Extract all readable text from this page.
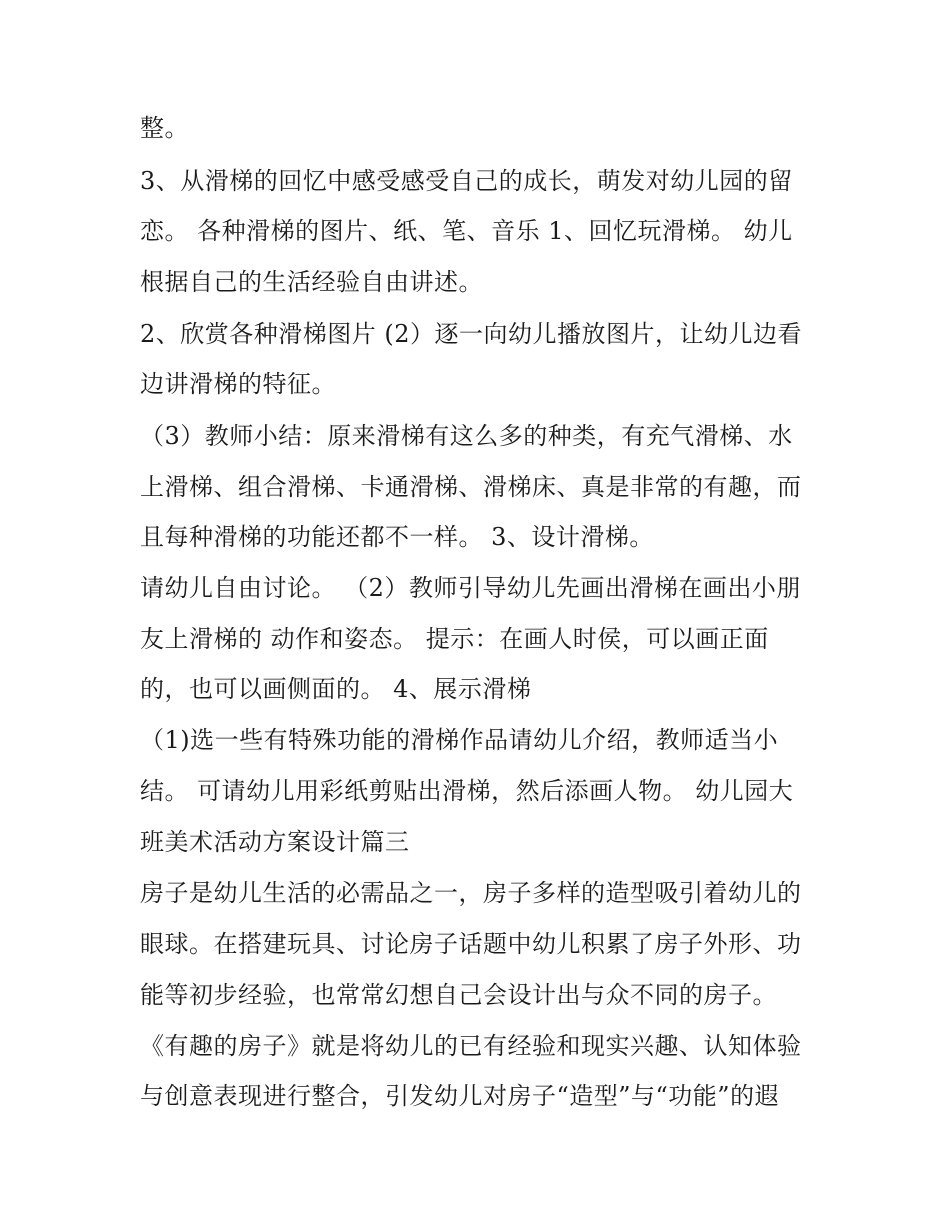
整。
3、从滑梯的回忆中感受感受自己的成长，萌发对幼儿园的留
恋。 各种滑梯的图片、纸、笔、音乐 1、回忆玩滑梯。 幼儿
根据自己的生活经验自由讲述。
2、欣赏各种滑梯图片 (2）逐一向幼儿播放图片，让幼儿边看
边讲滑梯的特征。
（3）教师小结：原来滑梯有这么多的种类，有充气滑梯、水
上滑梯、组合滑梯、卡通滑梯、滑梯床、真是非常的有趣，而
且每种滑梯的功能还都不一样。 3、设计滑梯。
请幼儿自由讨论。 （2）教师引导幼儿先画出滑梯在画出小朋
友上滑梯的 动作和姿态。 提示：在画人时侯，可以画正面
的，也可以画侧面的。 4、展示滑梯
（1)选一些有特殊功能的滑梯作品请幼儿介绍，教师适当小
结。 可请幼儿用彩纸剪贴出滑梯，然后添画人物。 幼儿园大
班美术活动方案设计篇三
房子是幼儿生活的必需品之一，房子多样的造型吸引着幼儿的
眼球。在搭建玩具、讨论房子话题中幼儿积累了房子外形、功
能等初步经验，也常常幻想自己会设计出与众不同的房子。
《有趣的房子》就是将幼儿的已有经验和现实兴趣、认知体验
与创意表现进行整合，引发幼儿对房子“造型”与“功能”的遐
